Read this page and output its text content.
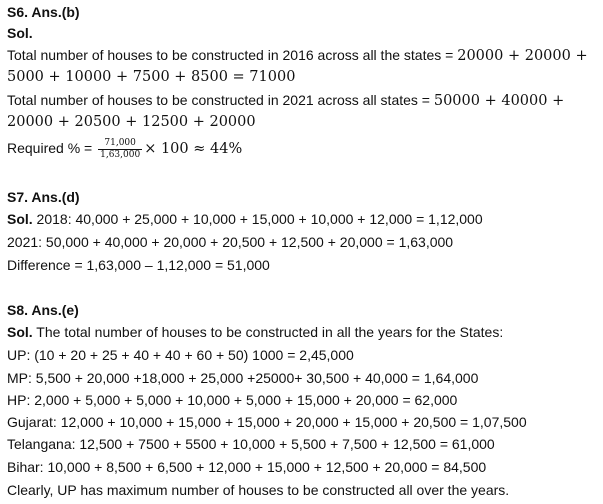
S6. Ans.(b)
Sol.
Total number of houses to be constructed in 2016 across all the states = 20000 + 20000 +
5000 + 10000 + 7500 + 8500 = 71000
Total number of houses to be constructed in 2021 across all states = 50000 + 40000 +
20000 + 20500 + 12500 + 20000
Required % = $\frac{71,000}{1,63,000} \times 100 \approx 44\%$
S7. Ans.(d)
Sol. 2018: 40,000 + 25,000 + 10,000 + 15,000 + 10,000 + 12,000 = 1,12,000
2021: 50,000 + 40,000 + 20,000 + 20,500 + 12,500 + 20,000 = 1,63,000
Difference = 1,63,000 – 1,12,000 = 51,000
S8. Ans.(e)
Sol. The total number of houses to be constructed in all the years for the States:
UP: (10 + 20 + 25 + 40 + 40 + 60 + 50) 1000 = 2,45,000
MP: 5,500 + 20,000 +18,000 + 25,000 +25000+ 30,500 + 40,000 = 1,64,000
HP: 2,000 + 5,000 + 5,000 + 10,000 + 5,000 + 15,000 + 20,000 = 62,000
Gujarat: 12,000 + 10,000 + 15,000 + 15,000 + 20,000 + 15,000 + 20,500 = 1,07,500
Telangana: 12,500 + 7500 + 5500 + 10,000 + 5,500 + 7,500 + 12,500 = 61,000
Bihar: 10,000 + 8,500 + 6,500 + 12,000 + 15,000 + 12,500 + 20,000 = 84,500
Clearly, UP has maximum number of houses to be constructed all over the years.
